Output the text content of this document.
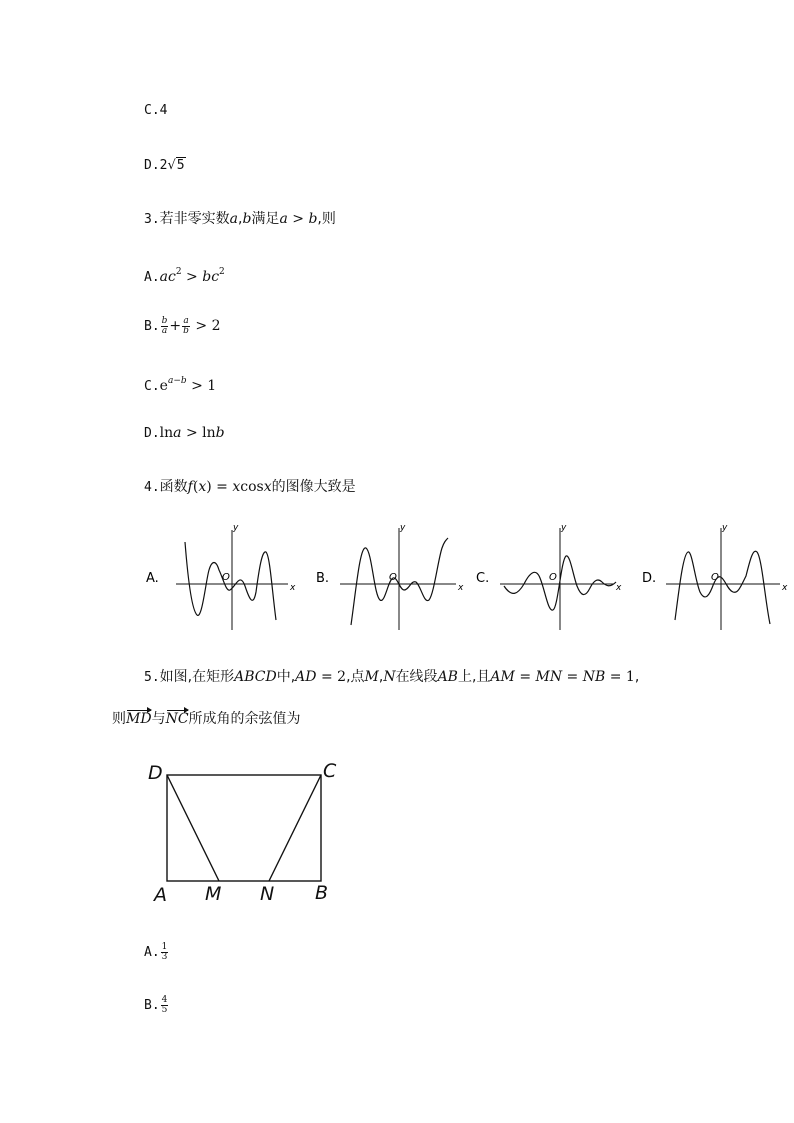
C.4
D.2√5
3.若非零实数a,b满足a > b,则
$A.ac^2 > bc^2$
B. $\frac{b}{a} + \frac{a}{b} > 2$
$C.e^{a-b} > 1$
D.lna > lnb
4.函数f(x) = xcosx的图像大致是
A.
y
x
O	B.
y
x
O	C.
y
x
O	D.
y
x
O
5.如图,在矩形ABCD中,AD = 2,点M,N在线段AB上,且AM = MN = NB = 1,
则MD与NC所成角的余弦值为
D	C
A M N B
A. $\frac{1}{3}$
B. $\frac{4}{5}$
